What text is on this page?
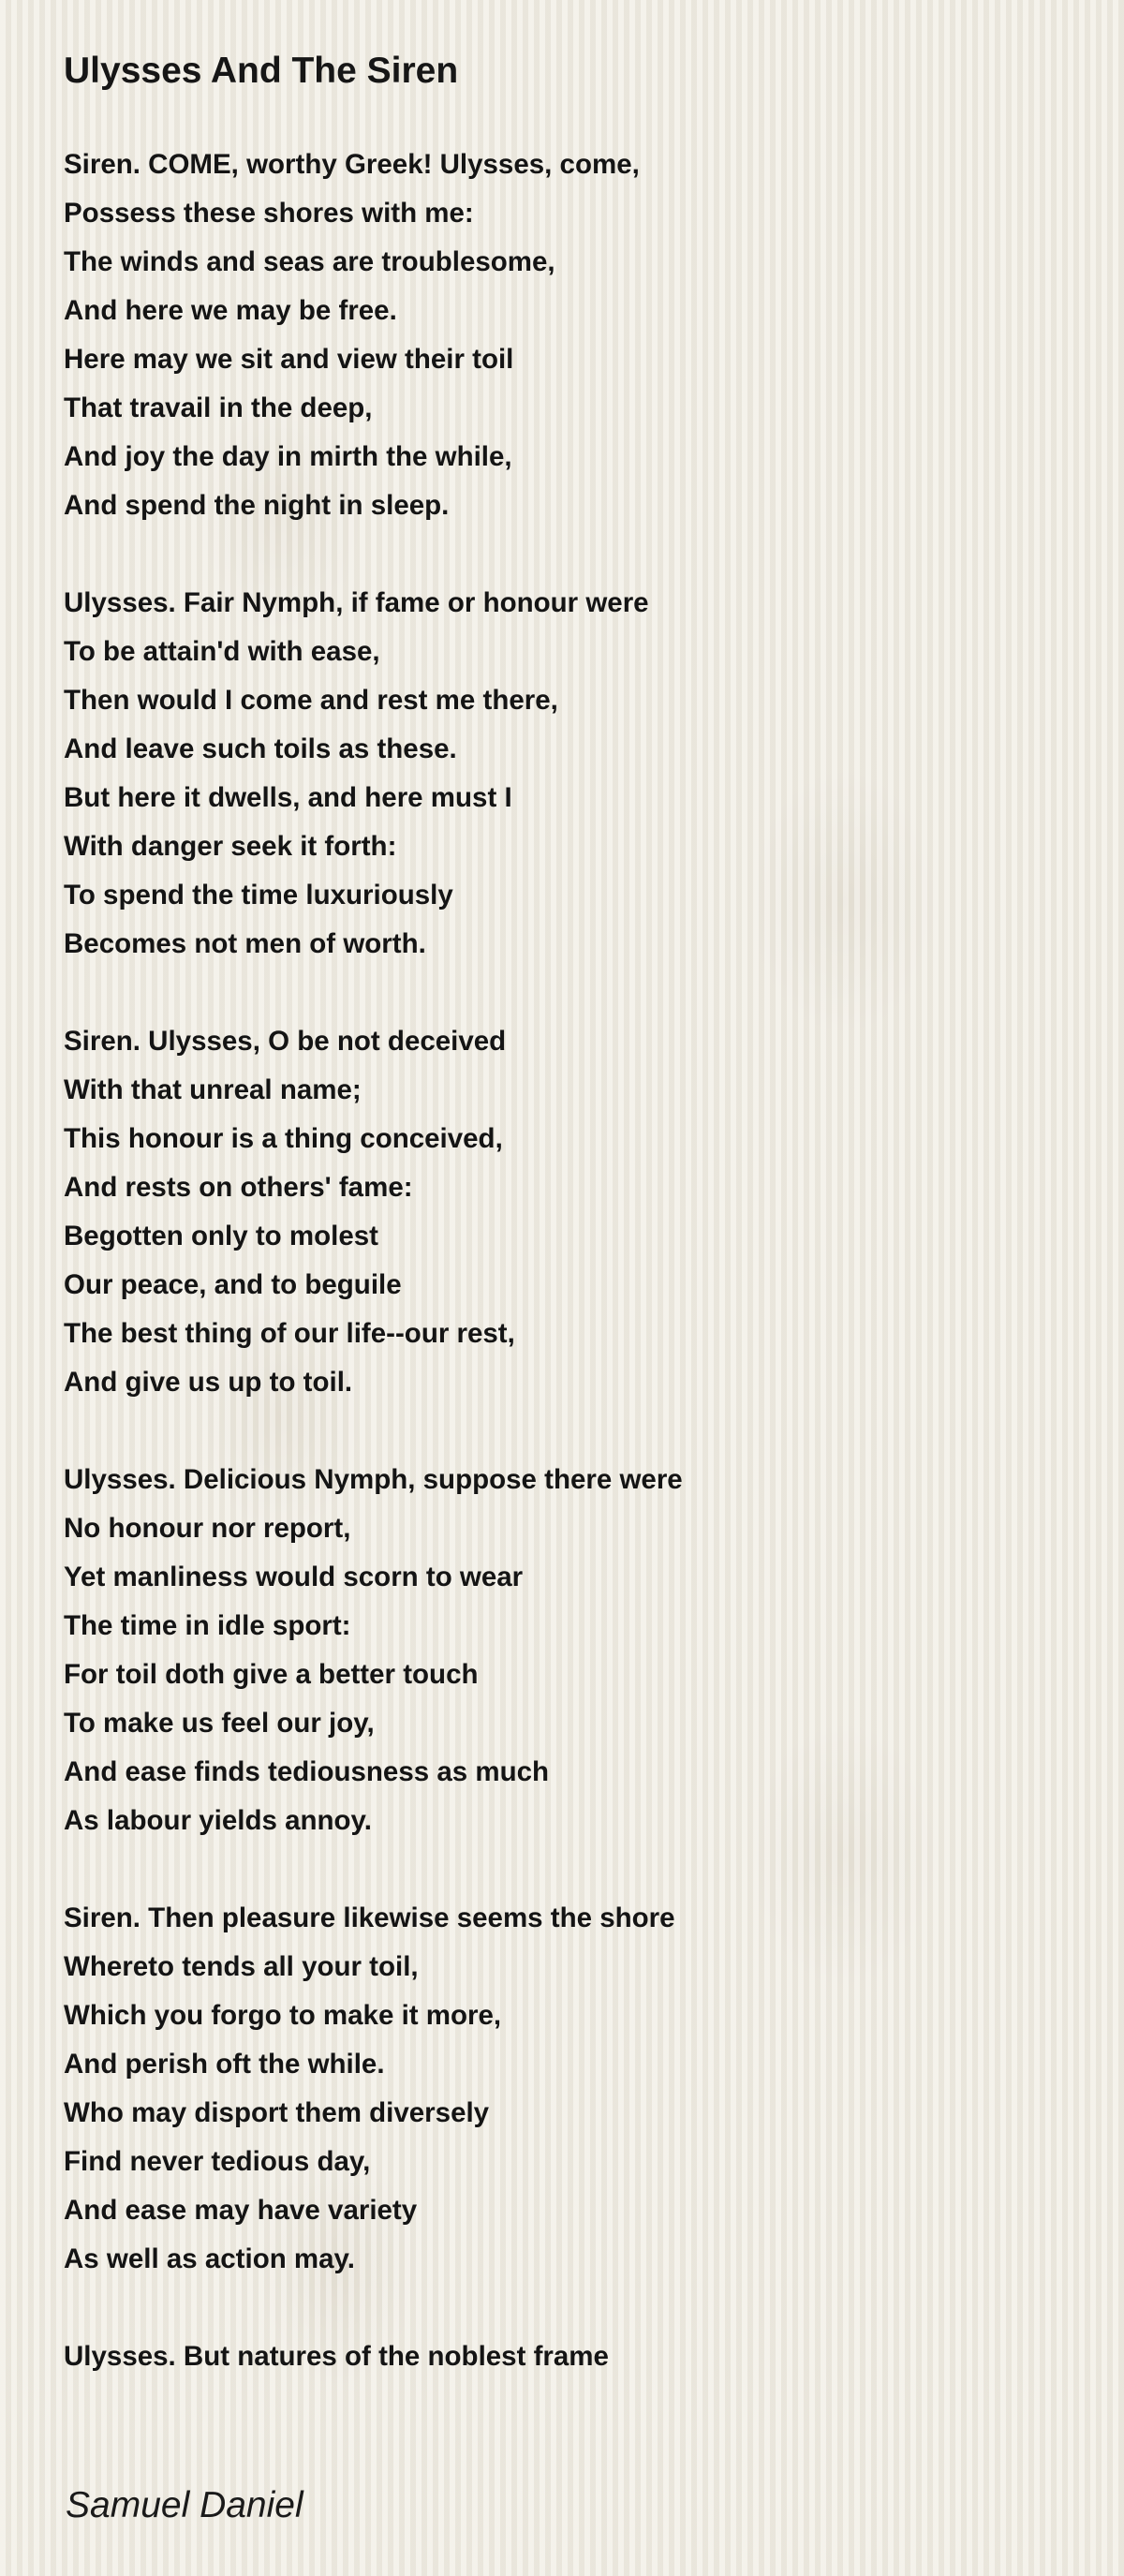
Ulysses And The Siren
Siren. COME, worthy Greek! Ulysses, come,
Possess these shores with me:
The winds and seas are troublesome,
And here we may be free.
Here may we sit and view their toil
That travail in the deep,
And joy the day in mirth the while,
And spend the night in sleep.
Ulysses. Fair Nymph, if fame or honour were
To be attain'd with ease,
Then would I come and rest me there,
And leave such toils as these.
But here it dwells, and here must I
With danger seek it forth:
To spend the time luxuriously
Becomes not men of worth.
Siren. Ulysses, O be not deceived
With that unreal name;
This honour is a thing conceived,
And rests on others' fame:
Begotten only to molest
Our peace, and to beguile
The best thing of our life--our rest,
And give us up to toil.
Ulysses. Delicious Nymph, suppose there were
No honour nor report,
Yet manliness would scorn to wear
The time in idle sport:
For toil doth give a better touch
To make us feel our joy,
And ease finds tediousness as much
As labour yields annoy.
Siren. Then pleasure likewise seems the shore
Whereto tends all your toil,
Which you forgo to make it more,
And perish oft the while.
Who may disport them diversely
Find never tedious day,
And ease may have variety
As well as action may.
Ulysses. But natures of the noblest frame
Samuel Daniel
